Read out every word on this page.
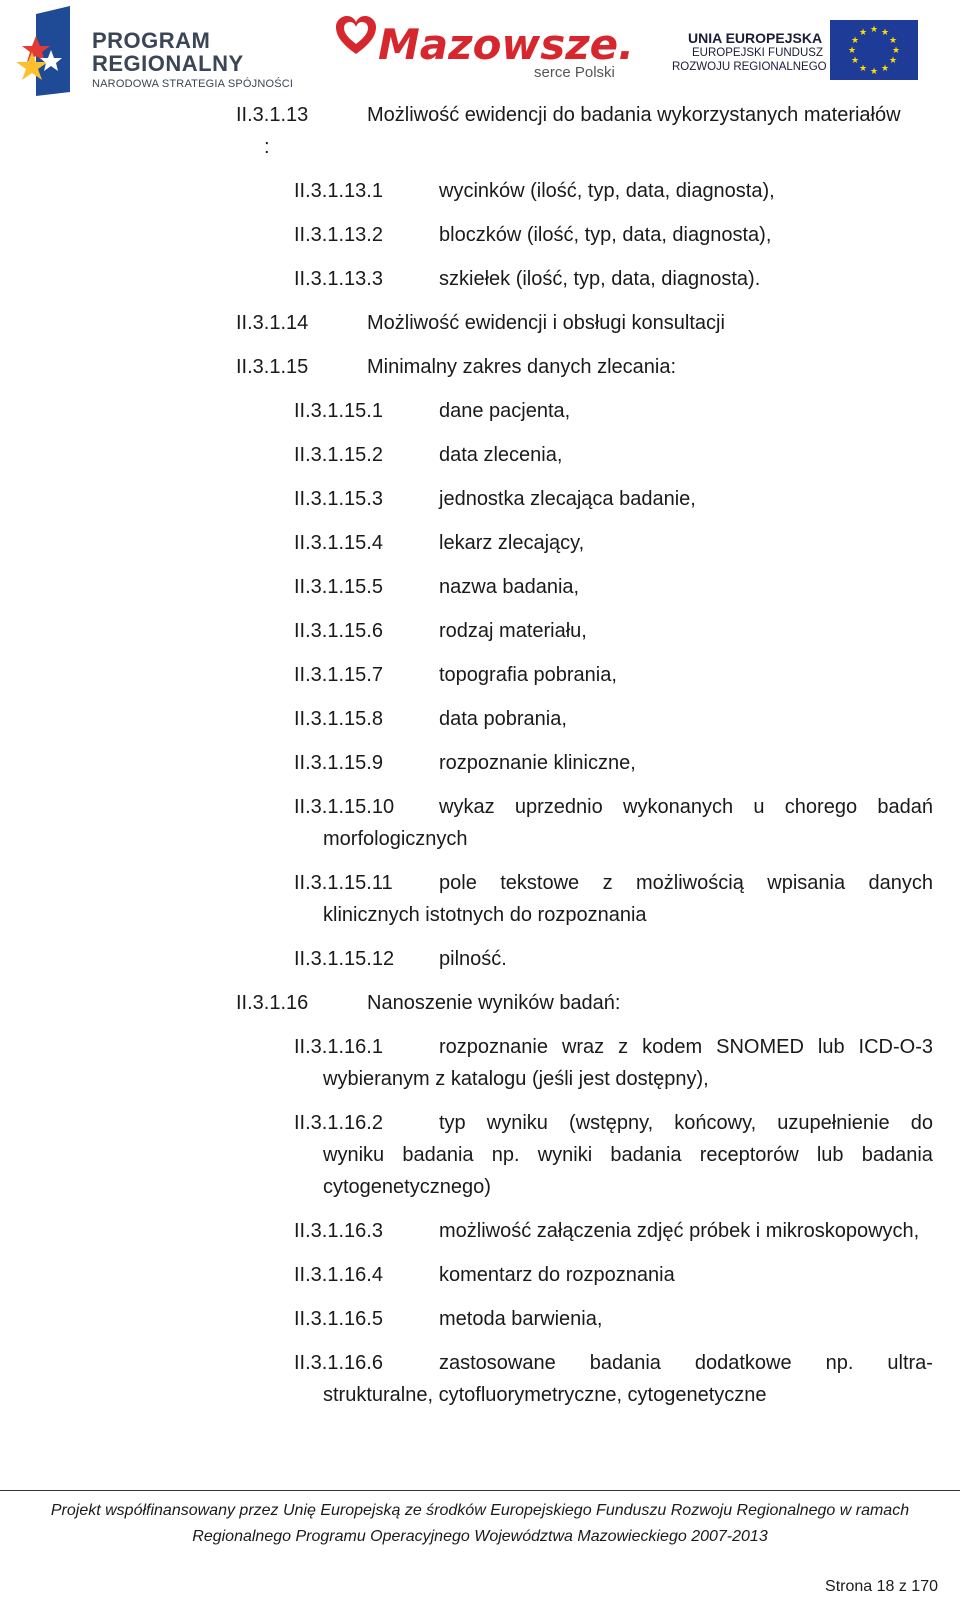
PROGRAM
REGIONALNY
NARODOWA STRATEGIA SPÓJNOŚCI
Mazowsze.
serce Polski
UNIA EUROPEJSKA
EUROPEJSKI FUNDUSZ
ROZWOJU REGIONALNEGO
★ ★
★
★
★
★
★
★
★
★
★
★
II.3.1.13	Możliwość ewidencji do badania wykorzystanych materiałów
:
II.3.1.13.1	wycinków (ilość, typ, data, diagnosta),
II.3.1.13.2	bloczków (ilość, typ, data, diagnosta),
II.3.1.13.3	szkiełek (ilość, typ, data, diagnosta).
II.3.1.14	Możliwość ewidencji i obsługi konsultacji
II.3.1.15	Minimalny zakres danych zlecania:
II.3.1.15.1	dane pacjenta,
II.3.1.15.2	data zlecenia,
II.3.1.15.3	jednostka zlecająca badanie,
II.3.1.15.4	lekarz zlecający,
II.3.1.15.5	nazwa badania,
II.3.1.15.6	rodzaj materiału,
II.3.1.15.7	topografia pobrania,
II.3.1.15.8	data pobrania,
II.3.1.15.9	rozpoznanie kliniczne,
II.3.1.15.10 wykaz uprzednio wykonanych u chorego badań
morfologicznych
II.3.1.15.11 pole tekstowe z możliwością wpisania danych
klinicznych istotnych do rozpoznania
II.3.1.15.12 pilność.
II.3.1.16	Nanoszenie wyników badań:
II.3.1.16.1	rozpoznanie wraz z kodem SNOMED lub ICD-O-3
wybieranym z katalogu (jeśli jest dostępny),
II.3.1.16.2	typ wyniku (wstępny, końcowy, uzupełnienie do
wyniku badania np. wyniki badania receptorów lub badania
cytogenetycznego)
II.3.1.16.3	możliwość załączenia zdjęć próbek i mikroskopowych,
II.3.1.16.4	komentarz do rozpoznania
II.3.1.16.5	metoda barwienia,
II.3.1.16.6	zastosowane badania dodatkowe np. ultra-
strukturalne, cytofluorymetryczne, cytogenetyczne
Projekt współfinansowany przez Unię Europejską ze środków Europejskiego Funduszu Rozwoju Regionalnego w ramach
Regionalnego Programu Operacyjnego Województwa Mazowieckiego 2007-2013
Strona 18 z 170
